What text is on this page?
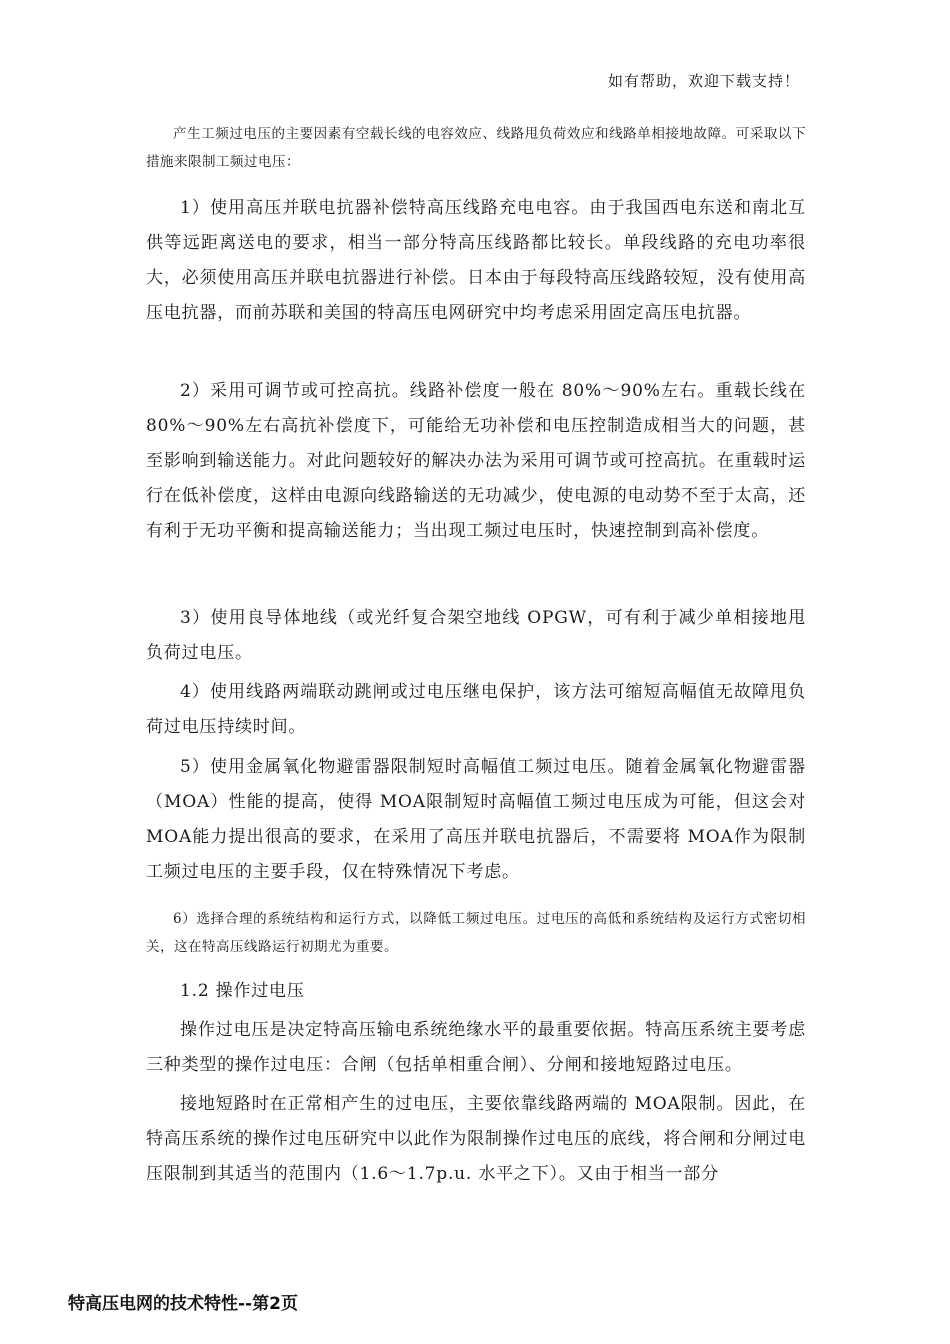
如有帮助，欢迎下载支持！

产生工频过电压的主要因素有空载长线的电容效应、线路甩负荷效应和线路单相接地故障。可采取以下措施来限制工频过电压：

1）使用高压并联电抗器补偿特高压线路充电电容。由于我国西电东送和南北互供等远距离送电的要求，相当一部分特高压线路都比较长。单段线路的充电功率很大，必须使用高压并联电抗器进行补偿。日本由于每段特高压线路较短，没有使用高压电抗器，而前苏联和美国的特高压电网研究中均考虑采用固定高压电抗器。

2）采用可调节或可控高抗。线路补偿度一般在 80%～90%左右。重载长线在 80%～90%左右高抗补偿度下，可能给无功补偿和电压控制造成相当大的问题，甚至影响到输送能力。对此问题较好的解决办法为采用可调节或可控高抗。在重载时运行在低补偿度，这样由电源向线路输送的无功减少，使电源的电动势不至于太高，还有利于无功平衡和提高输送能力；当出现工频过电压时，快速控制到高补偿度。

3）使用良导体地线（或光纤复合架空地线 OPGW，可有利于减少单相接地甩负荷过电压。

4）使用线路两端联动跳闸或过电压继电保护，该方法可缩短高幅值无故障甩负荷过电压持续时间。

5）使用金属氧化物避雷器限制短时高幅值工频过电压。随着金属氧化物避雷器（MOA）性能的提高，使得 MOA限制短时高幅值工频过电压成为可能，但这会对 MOA能力提出很高的要求，在采用了高压并联电抗器后，不需要将 MOA作为限制工频过电压的主要手段，仅在特殊情况下考虑。

6）选择合理的系统结构和运行方式，以降低工频过电压。过电压的高低和系统结构及运行方式密切相关，这在特高压线路运行初期尤为重要。

1.2 操作过电压

操作过电压是决定特高压输电系统绝缘水平的最重要依据。特高压系统主要考虑三种类型的操作过电压：合闸（包括单相重合闸）、分闸和接地短路过电压。

接地短路时在正常相产生的过电压，主要依靠线路两端的 MOA限制。因此，在特高压系统的操作过电压研究中以此作为限制操作过电压的底线，将合闸和分闸过电压限制到其适当的范围内（1.6～1.7p.u. 水平之下）。又由于相当一部分

特高压电网的技术特性--第2页
